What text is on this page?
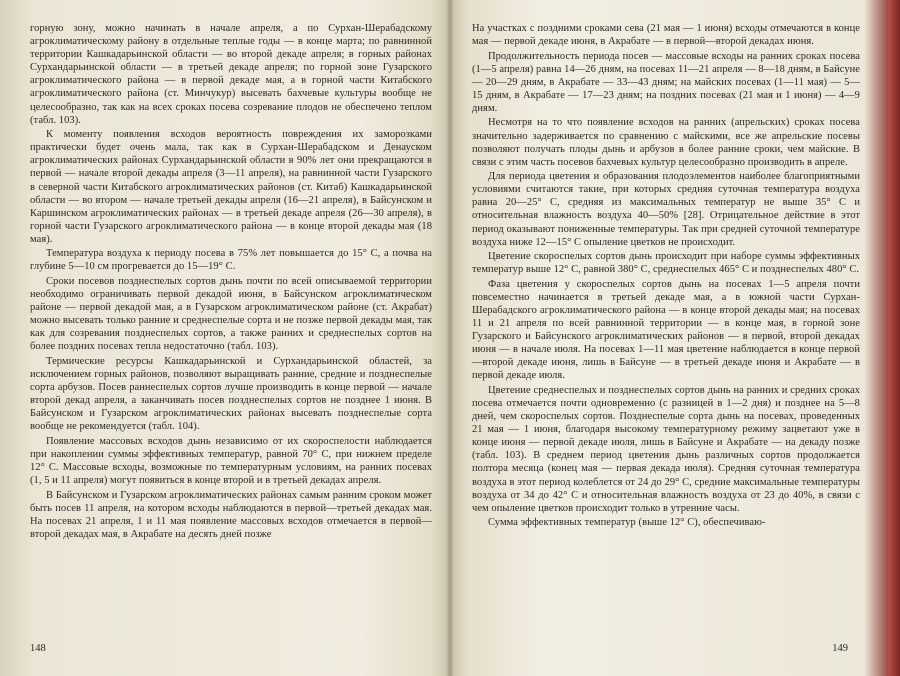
горную зону, можно начинать в начале апреля, а по Сурхан-Шерабадскому агроклиматическому району в отдельные теплые годы — в конце марта; по равнинной территории Кашкадарьинской области — во второй декаде апреля; в горных районах Сурхандарьинской области — в третьей декаде апреля; по горной зоне Гузарского агроклиматического района — в первой декаде мая, а в горной части Китабского агроклиматического района (ст. Минчукур) высевать бахчевые культуры вообще не целесообразно, так как на всех сроках посева созревание плодов не обеспечено теплом (табл. 103).

К моменту появления всходов вероятность повреждения их заморозками практически будет очень мала, так как в Сурхан-Шерабадском и Денауском агроклиматических районах Сурхандарьинской области в 90% лет они прекращаются в первой — начале второй декады апреля (3—11 апреля), на равнинной части Гузарского в северной части Китабского агроклиматических районов (ст. Китаб) Кашкадарьинской области — во втором — начале третьей декады апреля (16—21 апреля), в Байсунском и Каршинском агроклиматических районах — в третьей декаде апреля (26—30 апреля), в горной части Гузарского агроклиматического района — в конце второй декады мая (18 мая).

Температура воздуха к периоду посева в 75% лет повышается до 15° С, а почва на глубине 5—10 см прогревается до 15—19° С.

Сроки посевов позднеспелых сортов дынь почти по всей описываемой территории необходимо ограничивать первой декадой июня, в Байсунском агроклиматическом районе — первой декадой мая, а в Гузарском агроклиматическом районе (ст. Акрабат) можно высевать только ранние и среднеспелые сорта и не позже первой декады мая, так как для созревания позднеспелых сортов, а также ранних и среднеспелых сортов на более поздних посевах тепла недостаточно (табл. 103).

Термические ресурсы Кашкадарьинской и Сурхандарьинской областей, за исключением горных районов, позволяют выращивать ранние, средние и позднеспелые сорта арбузов. Посев раннеспелых сортов лучше производить в конце первой — начале второй декад апреля, а заканчивать посев позднеспелых сортов не позднее 1 июня. В Байсунском и Гузарском агроклиматических районах высевать позднеспелые сорта вообще не рекомендуется (табл. 104).

Появление массовых всходов дынь независимо от их скороспелости наблюдается при накоплении суммы эффективных температур, равной 70° С, при нижнем пределе 12° С. Массовые всходы, возможные по температурным условиям, на ранних посевах (1, 5 и 11 апреля) могут появиться в конце второй и в третьей декадах апреля.

В Байсунском и Гузарском агроклиматических районах самым ранним сроком может быть посев 11 апреля, на котором всходы наблюдаются в первой—третьей декадах мая. На посевах 21 апреля, 1 и 11 мая появление массовых всходов отмечается в первой—второй декадах мая, в Акрабате на десять дней позже

148

На участках с поздними сроками сева (21 мая — 1 июня) всходы отмечаются в конце мая — первой декаде июня, в Акрабате — в первой—второй декадах июня.

Продолжительность периода посев — массовые всходы на ранних сроках посева (1—5 апреля) равна 14—26 дням, на посевах 11—21 апреля — 8—18 дням, в Байсуне — 20—29 дням, в Акрабате — 33—43 дням; на майских посевах (1—11 мая) — 5—15 дням, в Акрабате — 17—23 дням; на поздних посевах (21 мая и 1 июня) — 4—9 дням.

Несмотря на то что появление всходов на ранних (апрельских) сроках посева значительно задерживается по сравнению с майскими, все же апрельские посевы позволяют получать плоды дынь и арбузов в более ранние сроки, чем майские. В связи с этим часть посевов бахчевых культур целесообразно производить в апреле.

Для периода цветения и образования плодоэлементов наиболее благоприятными условиями считаются такие, при которых средняя суточная температура воздуха равна 20—25° С, средняя из максимальных температур не выше 35° С и относительная влажность воздуха 40—50% [28]. Отрицательное действие в этот период оказывают пониженные температуры. Так при средней суточной температуре воздуха ниже 12—15° С опыление цветков не происходит.

Цветение скороспелых сортов дынь происходит при наборе суммы эффективных температур выше 12° С, равной 380° С, среднеспелых 465° С и позднеспелых 480° С.

Фаза цветения у скороспелых сортов дынь на посевах 1—5 апреля почти повсеместно начинается в третьей декаде мая, а в южной части Сурхан-Шерабадского агроклиматического района — в конце второй декады мая; на посевах 11 и 21 апреля по всей равнинной территории — в конце мая, в горной зоне Гузарского и Байсунского агроклиматических районов — в первой, второй декадах июня — в начале июля. На посевах 1—11 мая цветение наблюдается в конце первой—второй декаде июня, лишь в Байсуне — в третьей декаде июня и Акрабате — в первой декаде июля.

Цветение среднеспелых и позднеспелых сортов дынь на ранних и средних сроках посева отмечается почти одновременно (с разницей в 1—2 дня) и позднее на 5—8 дней, чем скороспелых сортов. Позднеспелые сорта дынь на посевах, проведенных 21 мая — 1 июня, благодаря высокому температурному режиму зацветают уже в конце июня — первой декаде июля, лишь в Байсуне и Акрабате — на декаду позже (табл. 103). В среднем период цветения дынь различных сортов продолжается полтора месяца (конец мая — первая декада июля). Средняя суточная температура воздуха в этот период колеблется от 24 до 29° С, средние максимальные температуры воздуха от 34 до 42° С и относительная влажность воздуха от 23 до 40%, в связи с чем опыление цветков происходит только в утренние часы.

Сумма эффективных температур (выше 12° С), обеспечиваю-

149
